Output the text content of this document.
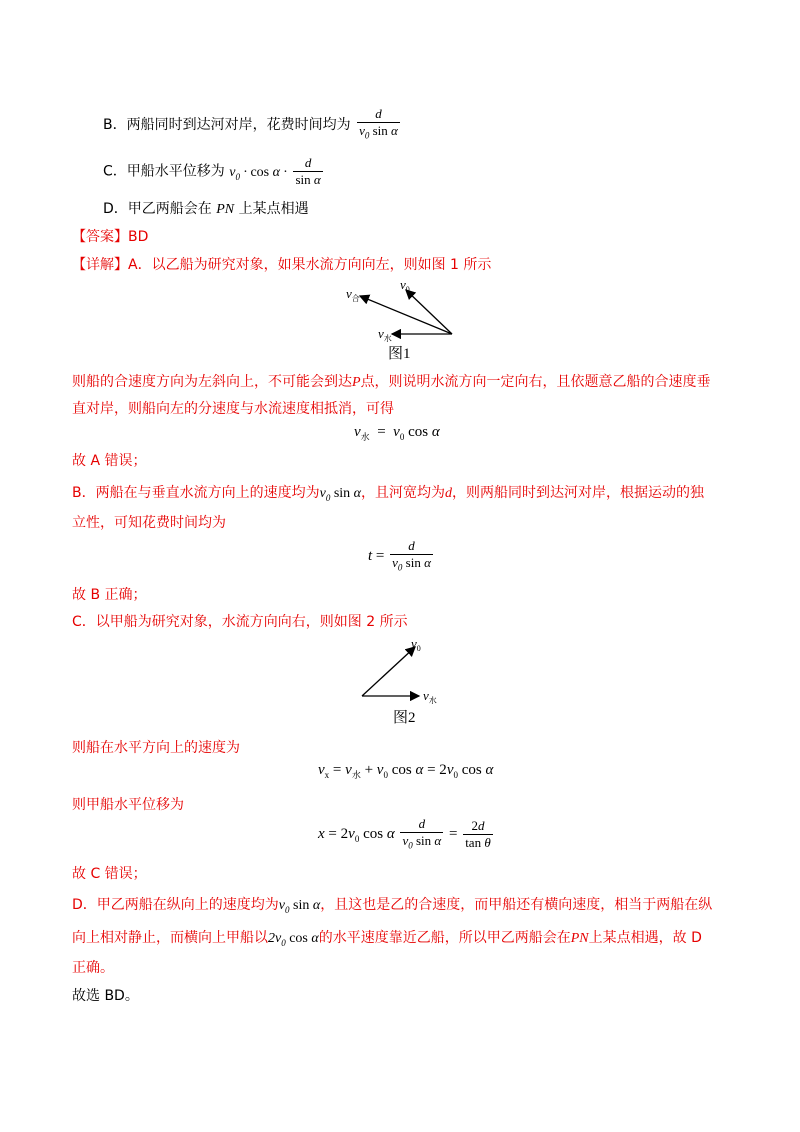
B．两船同时到达河对岸，花费时间均为 $\frac{d}{v_0 \sin \alpha}$
C．甲船水平位移为 $v_0 \cdot \cos \alpha \cdot \frac{d}{\text{sin α}}$
D．甲乙两船会在 PN 上某点相遇
【答案】BD
【详解】A．以乙船为研究对象，如果水流方向向左，则如图 1 所示
$v_0$
$v_合$
$v_水$
图1
则船的合速度方向为左斜向上，不可能会到达P点，则说明水流方向一定向右，且依题意乙船的合速度垂
直对岸，则船向左的分速度与水流速度相抵消，可得
$v_水 = v_0$ cos α
故 A 错误；
B．两船在与垂直水流方向上的速度均为$v_0$ sin α，且河宽均为d，则两船同时到达河对岸，根据运动的独
立性，可知花费时间均为
$t = \frac{d}{v_0 \sin \alpha}$
故 B 正确；
C．以甲船为研究对象，水流方向向右，则如图 2 所示
$v_0$
$v_水$
图2
则船在水平方向上的速度为
$v_x = v_水 + v_0$ $\cos \alpha = 2v_0$ cos α
则甲船水平位移为
$x = 2v_0$ cos α $\frac{d}{v_0 \sin \alpha} = \frac{2d}{\text{tan θ}}$
故 C 错误；
D．甲乙两船在纵向上的速度均为$v_0$ sin α，且这也是乙的合速度，而甲船还有横向速度，相当于两船在纵
向上相对静止，而横向上甲船以$2v_0$ cos α的水平速度靠近乙船，所以甲乙两船会在PN上某点相遇，故 D
正确。
故选 BD。
